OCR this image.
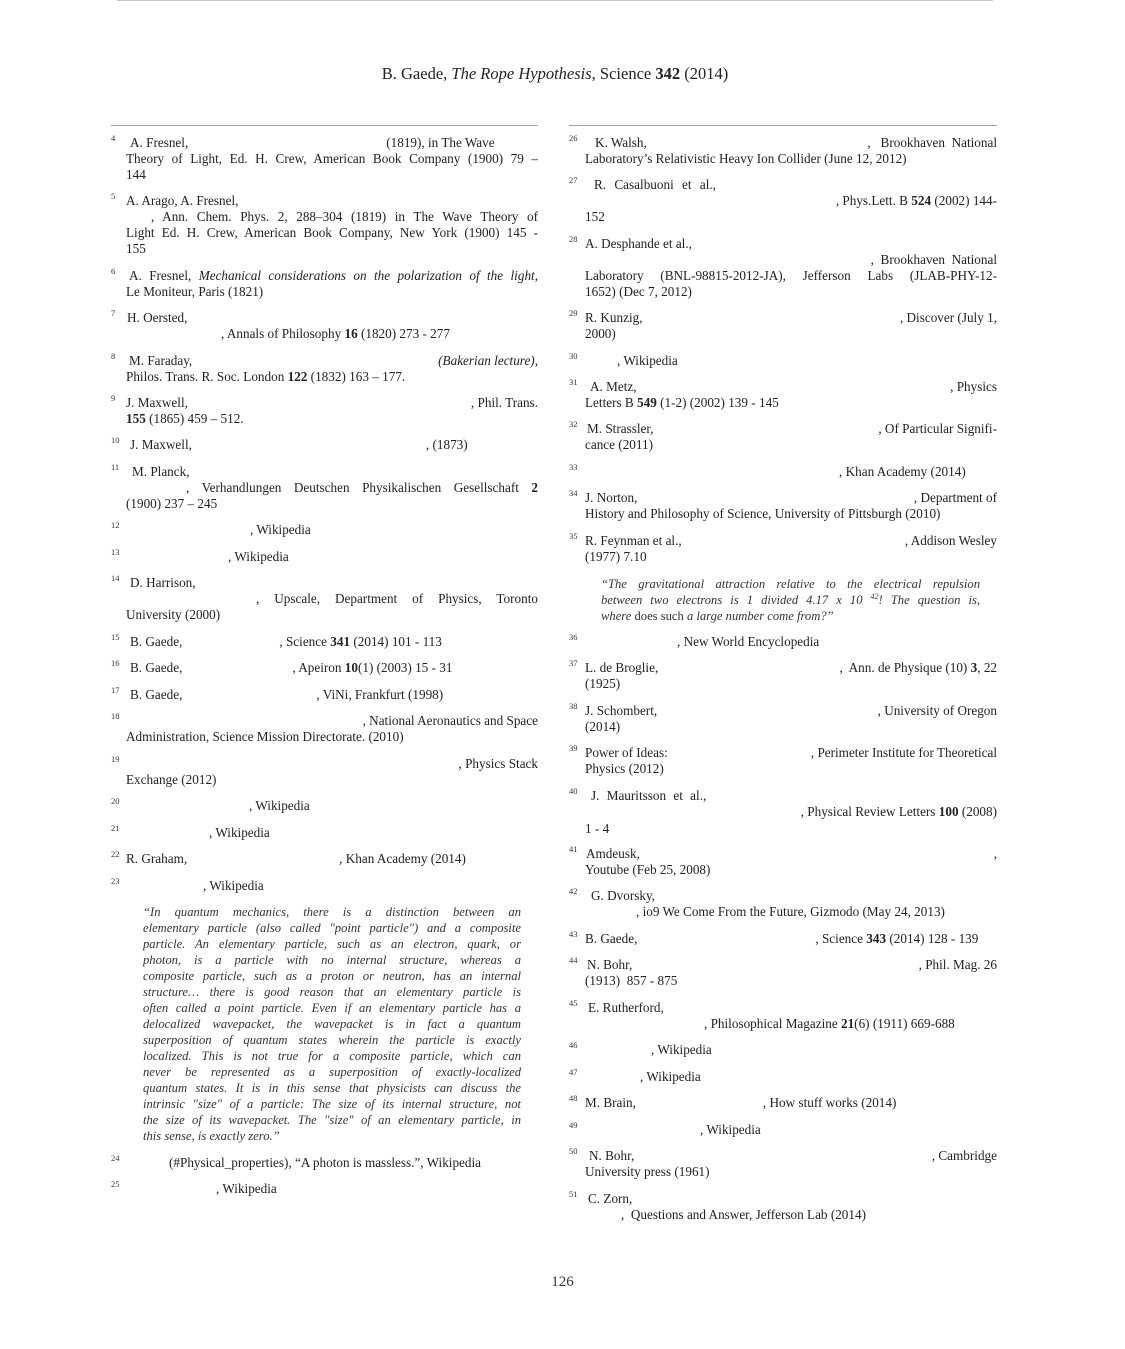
B. Gaede, The Rope Hypothesis, Science 342 (2014)
4	A. Fresnel,	(1819), in The Wave
Theory of Light, Ed. H. Crew, American Book Company (1900) 79 –
144
5 A. Arago, A. Fresnel,
, Ann. Chem. Phys. 2, 288–304 (1819) in The Wave Theory of
Light Ed. H. Crew, American Book Company, New York (1900) 145 -
155
6 A. Fresnel, Mechanical considerations on the polarization of the light,
Le Moniteur, Paris (1821)
7 H. Oersted,
, Annals of Philosophy 16 (1820) 273 - 277
8	M. Faraday,	(Bakerian lecture),
Philos. Trans. R. Soc. London 122 (1832) 163 – 177.
9 J. Maxwell,	, Phil. Trans.
155 (1865) 459 – 512.
10 J. Maxwell,	, (1873)
11 M. Planck,
, Verhandlungen Deutschen Physikalischen Gesellschaft 2
(1900) 237 – 245
12	, Wikipedia
13	, Wikipedia
14 D. Harrison,
, Upscale, Department of Physics, Toronto
University (2000)
15 B. Gaede,	, Science 341 (2014) 101 - 113
16 B. Gaede,	, Apeiron 10(1) (2003) 15 - 31
17 B. Gaede,	, ViNi, Frankfurt (1998)
18	, National Aeronautics and Space
Administration, Science Mission Directorate. (2010)
19	, Physics Stack
Exchange (2012)
20	, Wikipedia
21	, Wikipedia
22 R. Graham,	, Khan Academy (2014)
23	, Wikipedia
“In quantum mechanics, there is a distinction between an
elementary particle (also called "point particle") and a composite
particle. An elementary particle, such as an electron, quark, or
photon, is a particle with no internal structure, whereas a
composite particle, such as a proton or neutron, has an internal
structure… there is good reason that an elementary particle is
often called a point particle. Even if an elementary particle has a
delocalized wavepacket, the wavepacket is in fact a quantum
superposition of quantum states wherein the particle is exactly
localized. This is not true for a composite particle, which can
never be represented as a superposition of exactly-localized
quantum states. It is in this sense that physicists can discuss the
intrinsic "size" of a particle: The size of its internal structure, not
the size of its wavepacket. The "size" of an elementary particle, in
this sense, is exactly zero.”
24	(#Physical_properties), “A photon is massless.”, Wikipedia
25	, Wikipedia
26	K. Walsh,	,   Brookhaven  National
Laboratory’s Relativistic Heavy Ion Collider (June 12, 2012)
27	R. Casalbuoni et al.,
, Phys.Lett. B 524 (2002) 144-
152
28 A. Desphande et al.,
,  Brookhaven  National
Laboratory (BNL-98815-2012-JA), Jefferson Labs (JLAB-PHY-12-
1652) (Dec 7, 2012)
29 R. Kunzig,	, Discover (July 1,
2000)
30	, Wikipedia
31 A. Metz,	, Physics
Letters B 549 (1-2) (2002) 139 - 145
32 M. Strassler,	, Of Particular Signifi-
cance (2011)
33	, Khan Academy (2014)
34 J. Norton,	, Department of
History and Philosophy of Science, University of Pittsburgh (2010)
35 R. Feynman et al.,	, Addison Wesley
(1977) 7.10
“The gravitational attraction relative to the electrical repulsion
between two electrons is 1 divided 4.17 x 10 $^{42}$! The question is,
where does such a large number come from?”
36	, New World Encyclopedia
37 L. de Broglie,	,  Ann. de Physique (10) 3, 22
(1925)
38 J. Schombert,	, University of Oregon
(2014)
39 Power of Ideas:	, Perimeter Institute for Theoretical
Physics (2012)
40	J. Mauritsson et al.,
, Physical Review Letters 100 (2008)
1 - 4
41 Amdeusk,	,
Youtube (Feb 25, 2008)
42	G. Dvorsky,
, io9 We Come From the Future, Gizmodo (May 24, 2013)
43 B. Gaede,	, Science 343 (2014) 128 - 139
44 N. Bohr,	, Phil. Mag. 26
(1913)  857 - 875
45 E. Rutherford,
, Philosophical Magazine 21(6) (1911) 669-688
46	, Wikipedia
47	, Wikipedia
48 M. Brain,	, How stuff works (2014)
49	, Wikipedia
50 N. Bohr,	, Cambridge
University press (1961)
51 C. Zorn,
,  Questions and Answer, Jefferson Lab (2014)
126
